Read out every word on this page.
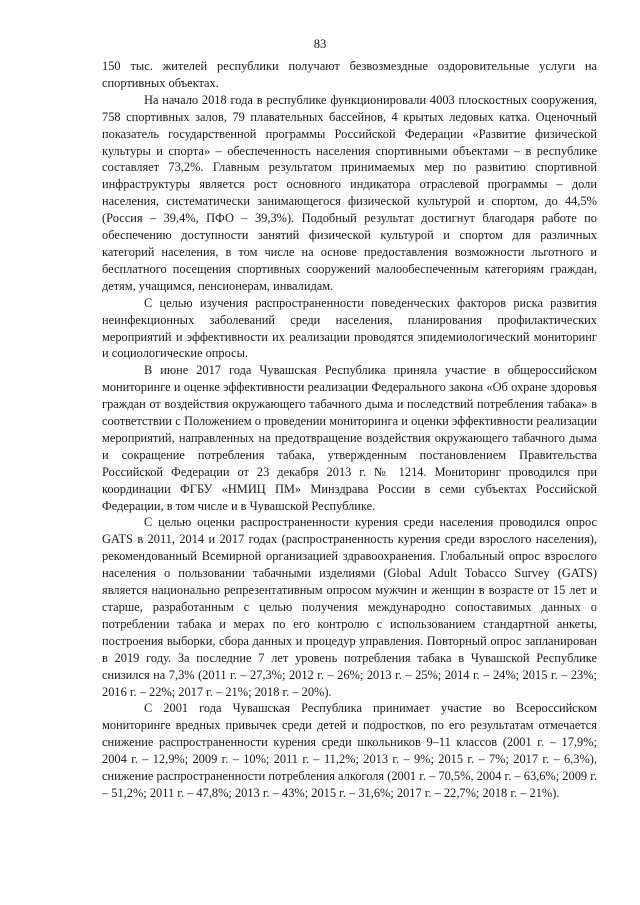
83

150 тыс. жителей республики получают безвозмездные оздоровительные услуги на спортивных объектах.

На начало 2018 года в республике функционировали 4003 плоскостных сооружения, 758 спортивных залов, 79 плавательных бассейнов, 4 крытых ледовых катка. Оценочный показатель государственной программы Российской Федерации «Развитие физической культуры и спорта» – обеспеченность населения спортивными объектами – в республике составляет 73,2%. Главным результатом принимаемых мер по развитию спортивной инфраструктуры является рост основного индикатора отраслевой программы – доли населения, систематически занимающегося физической культурой и спортом, до 44,5% (Россия – 39,4%, ПФО – 39,3%). Подобный результат достигнут благодаря работе по обеспечению доступности занятий физической культурой и спортом для различных категорий населения, в том числе на основе предоставления возможности льготного и бесплатного посещения спортивных сооружений малообеспеченным категориям граждан, детям, учащимся, пенсионерам, инвалидам.

С целью изучения распространенности поведенческих факторов риска развития неинфекционных заболеваний среди населения, планирования профилактических мероприятий и эффективности их реализации проводятся эпидемиологический мониторинг и социологические опросы.

В июне 2017 года Чувашская Республика приняла участие в общероссийском мониторинге и оценке эффективности реализации Федерального закона «Об охране здоровья граждан от воздействия окружающего табачного дыма и последствий потребления табака» в соответствии с Положением о проведении мониторинга и оценки эффективности реализации мероприятий, направленных на предотвращение воздействия окружающего табачного дыма и сокращение потребления табака, утвержденным постановлением Правительства Российской Федерации от 23 декабря 2013 г. № 1214. Мониторинг проводился при координации ФГБУ «НМИЦ ПМ» Минздрава России в семи субъектах Российской Федерации, в том числе и в Чувашской Республике.

С целью оценки распространенности курения среди населения проводился опрос GATS в 2011, 2014 и 2017 годах (распространенность курения среди взрослого населения), рекомендованный Всемирной организацией здравоохранения. Глобальный опрос взрослого населения о пользовании табачными изделиями (Global Adult Tobacco Survey (GATS) является национально репрезентативным опросом мужчин и женщин в возрасте от 15 лет и старше, разработанным с целью получения международно сопоставимых данных о потреблении табака и мерах по его контролю с использованием стандартной анкеты, построения выборки, сбора данных и процедур управления. Повторный опрос запланирован в 2019 году. За последние 7 лет уровень потребления табака в Чувашской Республике снизился на 7,3% (2011 г. – 27,3%; 2012 г. – 26%; 2013 г. – 25%; 2014 г. – 24%; 2015 г. – 23%; 2016 г. – 22%; 2017 г. – 21%; 2018 г. – 20%).

С 2001 года Чувашская Республика принимает участие во Всероссийском мониторинге вредных привычек среди детей и подростков, по его результатам отмечается снижение распространенности курения среди школьников 9–11 классов (2001 г. – 17,9%; 2004 г. – 12,9%; 2009 г. – 10%; 2011 г. – 11,2%; 2013 г. – 9%; 2015 г. – 7%; 2017 г. – 6,3%), снижение распространенности потребления алкоголя (2001 г. – 70,5%, 2004 г. – 63,6%; 2009 г. – 51,2%; 2011 г. – 47,8%; 2013 г. – 43%; 2015 г. – 31,6%; 2017 г. – 22,7%; 2018 г. – 21%).
